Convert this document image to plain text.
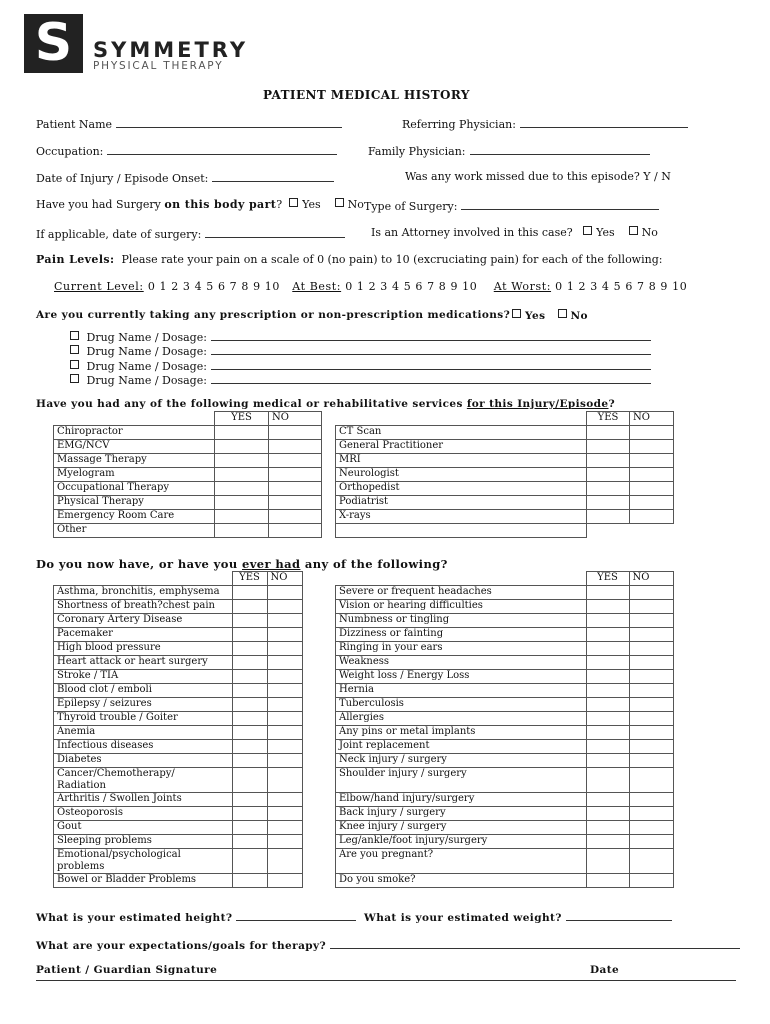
S SYMMETRY
PHYSICAL THERAPY
PATIENT MEDICAL HISTORY
Patient Name	Referring Physician:
Occupation:	Family Physician:
Date of Injury / Episode Onset:	Was any work missed due to this episode? Y / N
Have you had Surgery on this body part? Yes No Type of Surgery:
If applicable, date of surgery:	Is an Attorney involved in this case? Yes No
Pain Levels: Please rate your pain on a scale of 0 (no pain) to 10 (excruciating pain) for each of the following:
Current Level: 0 1 2 3 4 5 6 7 8 9 10 At Best: 0 1 2 3 4 5 6 7 8 9 10 At Worst: 0 1 2 3 4 5 6 7 8 9 10
Are you currently taking any prescription or non-prescription medications?	Yes No
Drug Name / Dosage:
Drug Name / Dosage:
Drug Name / Dosage:
Drug Name / Dosage:
Have you had any of the following medical or rehabilitative services for this Injury/Episode?
	YES	NO			YES	NO
Chiropractor				CT Scan		
EMG/NCV				General Practitioner		
Massage Therapy				MRI		
Myelogram				Neurologist		
Occupational Therapy				Orthopedist		
Physical Therapy				Podiatrist		
Emergency Room Care				X-rays		
Other						
Do you now have, or have you ever had any of the following?
	YES	NO			YES	NO
Asthma, bronchitis, emphysema				Severe or frequent headaches		
Shortness of breath?chest pain				Vision or hearing difficulties		
Coronary Artery Disease				Numbness or tingling		
Pacemaker				Dizziness or fainting		
High blood pressure				Ringing in your ears		
Heart attack or heart surgery				Weakness		
Stroke / TIA				Weight loss / Energy Loss		
Blood clot / emboli				Hernia		
Epilepsy / seizures				Tuberculosis		
Thyroid trouble / Goiter				Allergies		
Anemia				Any pins or metal implants		
Infectious diseases				Joint replacement		
Diabetes				Neck injury / surgery		
Cancer/Chemotherapy/
Radiation				Shoulder injury / surgery		
Arthritis / Swollen Joints				Elbow/hand injury/surgery		
Osteoporosis				Back injury / surgery		
Gout				Knee injury / surgery		
Sleeping problems				Leg/ankle/foot injury/surgery		
Emotional/psychological
problems				Are you pregnant?		
Bowel or Bladder Problems				Do you smoke?		
What is your estimated height?	What is your estimated weight?
What are your expectations/goals for therapy?
Patient / Guardian Signature	Date
